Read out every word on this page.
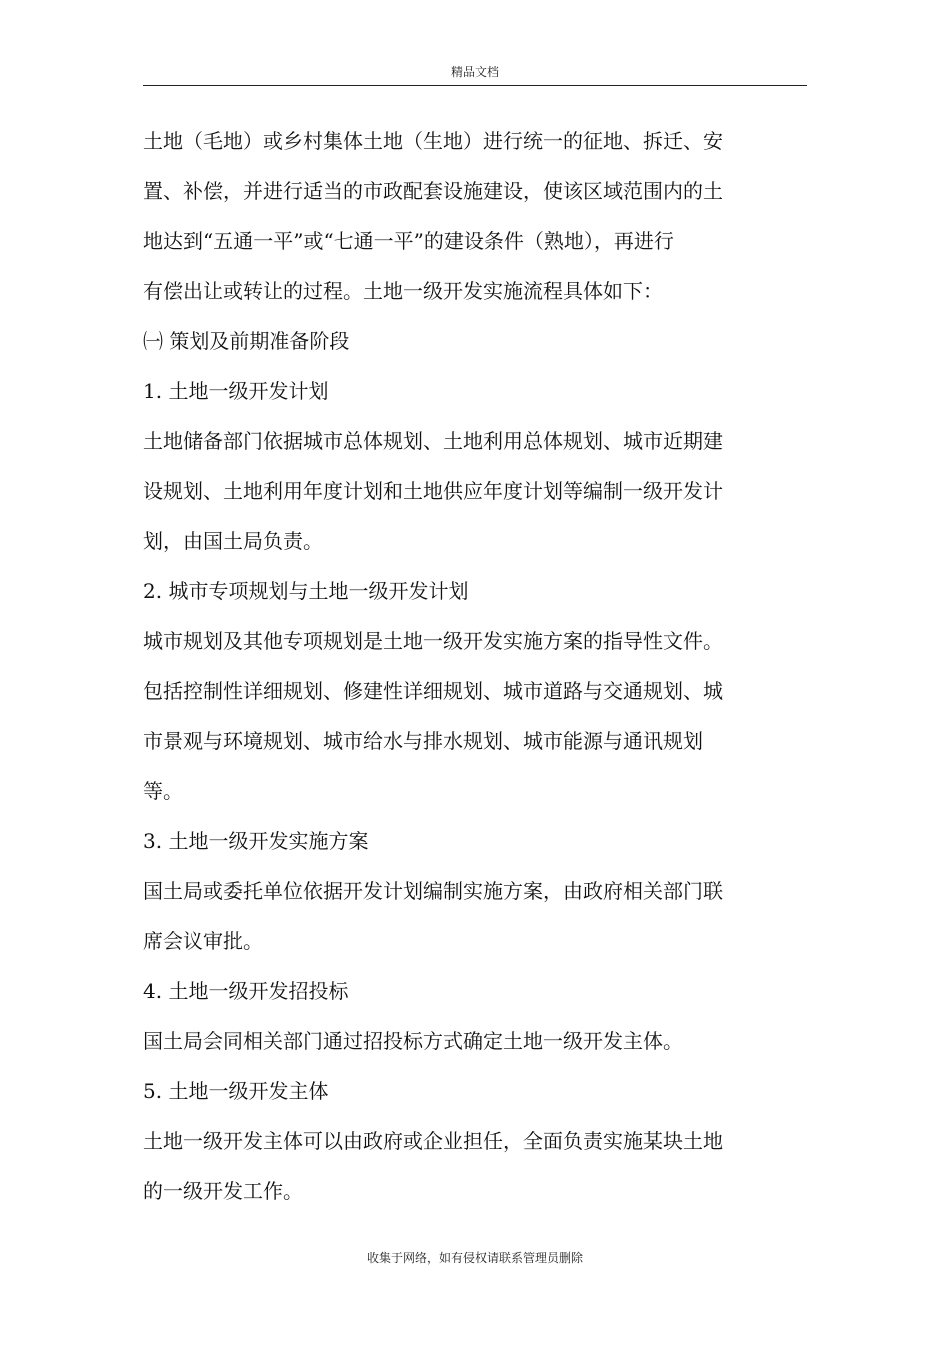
精品文档
土地（毛地）或乡村集体土地（生地）进行统一的征地、拆迁、安
置、补偿，并进行适当的市政配套设施建设，使该区域范围内的土
地达到“五通一平”或“七通一平”的建设条件（熟地），再进行
有偿出让或转让的过程。土地一级开发实施流程具体如下：
㈠ 策划及前期准备阶段
1. 土地一级开发计划
土地储备部门依据城市总体规划、土地利用总体规划、城市近期建
设规划、土地利用年度计划和土地供应年度计划等编制一级开发计
划，由国土局负责。
2. 城市专项规划与土地一级开发计划
城市规划及其他专项规划是土地一级开发实施方案的指导性文件。
包括控制性详细规划、修建性详细规划、城市道路与交通规划、城
市景观与环境规划、城市给水与排水规划、城市能源与通讯规划
等。
3. 土地一级开发实施方案
国土局或委托单位依据开发计划编制实施方案，由政府相关部门联
席会议审批。
4. 土地一级开发招投标
国土局会同相关部门通过招投标方式确定土地一级开发主体。
5. 土地一级开发主体
土地一级开发主体可以由政府或企业担任，全面负责实施某块土地
的一级开发工作。
收集于网络，如有侵权请联系管理员删除
